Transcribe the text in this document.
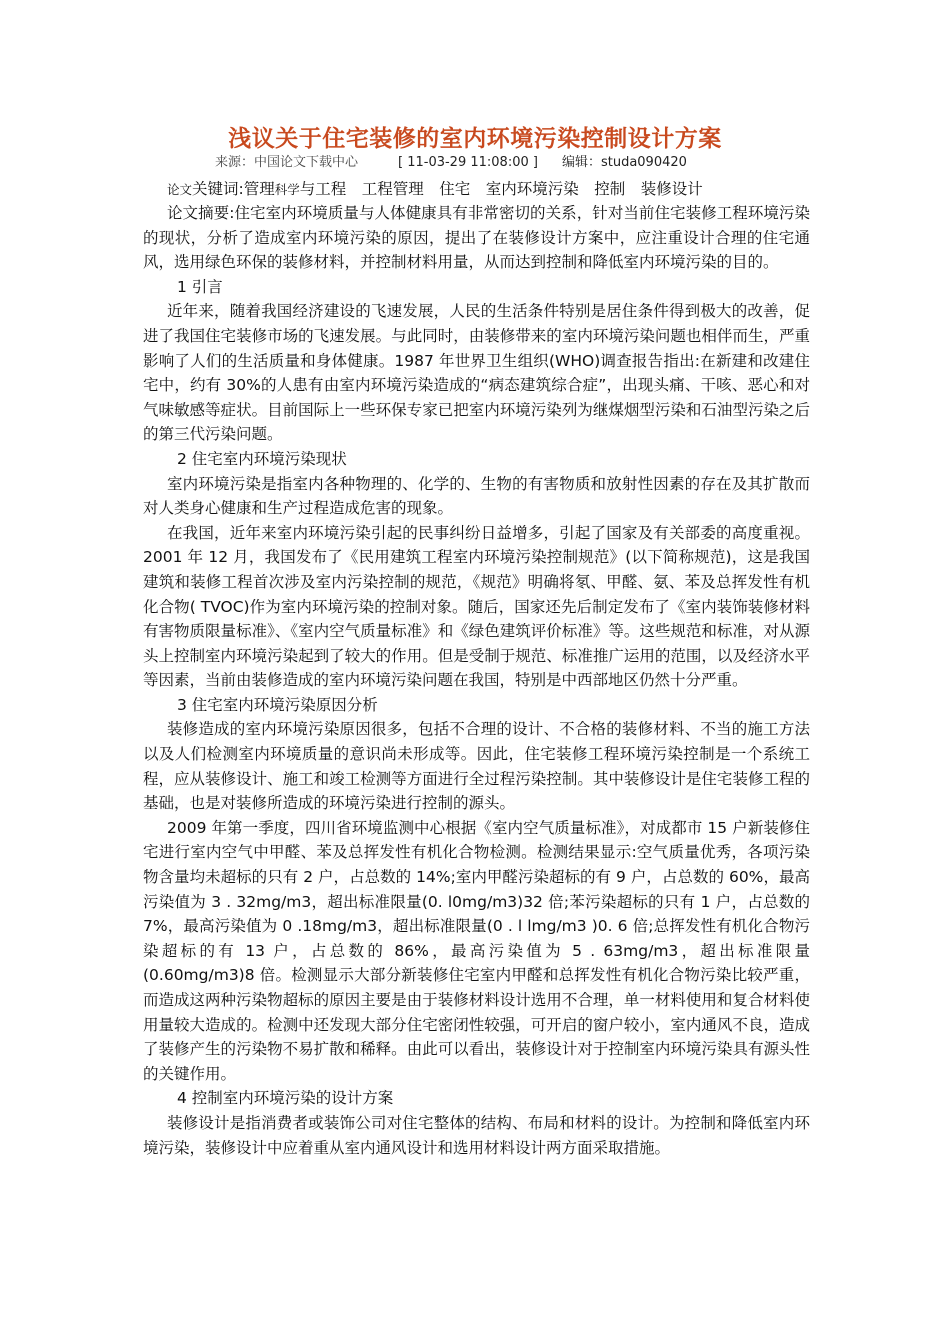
浅议关于住宅装修的室内环境污染控制设计方案
来源：中国论文下载中心	[ 11-03-29 11:08:00 ] 编辑：studa090420
论文关键词:管理科学与工程　工程管理　住宅　室内环境污染　控制　装修设计

论文摘要:住宅室内环境质量与人体健康具有非常密切的关系，针对当前住宅装修工程环境污染的现状，分析了造成室内环境污染的原因，提出了在装修设计方案中，应注重设计合理的住宅通风，选用绿色环保的装修材料，并控制材料用量，从而达到控制和降低室内环境污染的目的。

1 引言

近年来，随着我国经济建设的飞速发展，人民的生活条件特别是居住条件得到极大的改善，促进了我国住宅装修市场的飞速发展。与此同时，由装修带来的室内环境污染问题也相伴而生，严重影响了人们的生活质量和身体健康。1987 年世界卫生组织(WHO)调查报告指出:在新建和改建住宅中，约有 30%的人患有由室内环境污染造成的“病态建筑综合症”，出现头痛、干咳、恶心和对气味敏感等症状。目前国际上一些环保专家已把室内环境污染列为继煤烟型污染和石油型污染之后的第三代污染问题。

2 住宅室内环境污染现状

室内环境污染是指室内各种物理的、化学的、生物的有害物质和放射性因素的存在及其扩散而对人类身心健康和生产过程造成危害的现象。

在我国，近年来室内环境污染引起的民事纠纷日益增多，引起了国家及有关部委的高度重视。2001 年 12 月，我国发布了《民用建筑工程室内环境污染控制规范》(以下简称规范)，这是我国建筑和装修工程首次涉及室内污染控制的规范，《规范》明确将氡、甲醛、氨、苯及总挥发性有机化合物( TVOC)作为室内环境污染的控制对象。随后，国家还先后制定发布了《室内装饰装修材料有害物质限量标准》、《室内空气质量标准》和《绿色建筑评价标准》等。这些规范和标准，对从源头上控制室内环境污染起到了较大的作用。但是受制于规范、标准推广运用的范围，以及经济水平等因素，当前由装修造成的室内环境污染问题在我国，特别是中西部地区仍然十分严重。

3 住宅室内环境污染原因分析

装修造成的室内环境污染原因很多，包括不合理的设计、不合格的装修材料、不当的施工方法以及人们检测室内环境质量的意识尚未形成等。因此，住宅装修工程环境污染控制是一个系统工程，应从装修设计、施工和竣工检测等方面进行全过程污染控制。其中装修设计是住宅装修工程的基础，也是对装修所造成的环境污染进行控制的源头。

2009 年第一季度，四川省环境监测中心根据《室内空气质量标准》，对成都市 15 户新装修住宅进行室内空气中甲醛、苯及总挥发性有机化合物检测。检测结果显示:空气质量优秀，各项污染物含量均未超标的只有 2 户，占总数的 14%;室内甲醛污染超标的有 9 户，占总数的 60%，最高污染值为 3 . 32mg/m3，超出标准限量(0. l0mg/m3)32 倍;苯污染超标的只有 1 户，占总数的 7%，最高污染值为 0 .18mg/m3，超出标准限量(0 . l lmg/m3 )0. 6 倍;总挥发性有机化合物污染超标的有 13 户，占总数的 86%，最高污染值为 5 . 63mg/m3，超出标准限量(0.60mg/m3)8 倍。检测显示大部分新装修住宅室内甲醛和总挥发性有机化合物污染比较严重，而造成这两种污染物超标的原因主要是由于装修材料设计选用不合理，单一材料使用和复合材料使用量较大造成的。检测中还发现大部分住宅密闭性较强，可开启的窗户较小，室内通风不良，造成了装修产生的污染物不易扩散和稀释。由此可以看出，装修设计对于控制室内环境污染具有源头性的关键作用。

4 控制室内环境污染的设计方案

装修设计是指消费者或装饰公司对住宅整体的结构、布局和材料的设计。为控制和降低室内环境污染，装修设计中应着重从室内通风设计和选用材料设计两方面采取措施。
